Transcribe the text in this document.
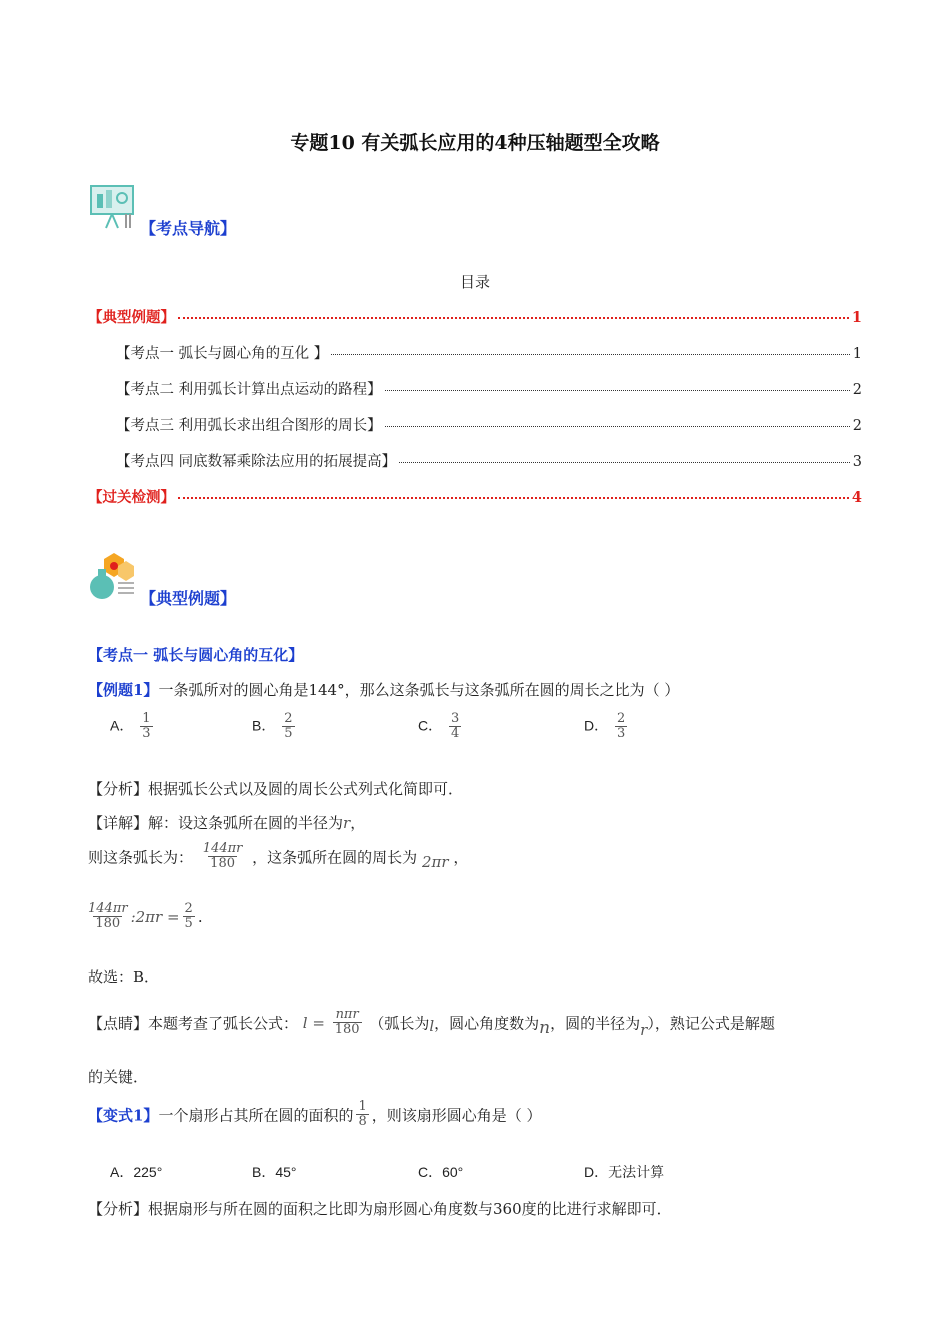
专题10 有关弧长应用的4种压轴题型全攻略
【考点导航】
目录
【典型例题】	1
【考点一 弧长与圆心角的互化 】	1
【考点二 利用弧长计算出点运动的路程】	2
【考点三 利用弧长求出组合图形的周长】	2
【考点四 同底数幂乘除法应用的拓展提高】	3
【过关检测】	4
【典型例题】
【考点一 弧长与圆心角的互化】
【例题1】一条弧所对的圆心角是144°，那么这条弧长与这条弧所在圆的周长之比为（ ）
A． $\frac{1}{3}$	B． $\frac{2}{5}$	C． $\frac{3}{4}$	D． $\frac{2}{3}$
【分析】根据弧长公式以及圆的周长公式列式化简即可．
【详解】解：设这条弧所在圆的半径为r，
则这条弧长为： $\frac{144\pi r}{180}$ ，这条弧所在圆的周长为 2πr ，
$\frac{144\pi r}{180}$ :2πr = $\frac{2}{5}$ .
故选：B．
【点睛】本题考查了弧长公式： $l = \frac{\text{nπr}}{180}$ （弧长为l，圆心角度数为n，圆的半径为r），熟记公式是解题
的关键．
【变式1】一个扇形占其所在圆的面积的 $\frac{1}{8}$ ，则该扇形圆心角是（ ）
A．225°	B．45°	C．60°	D．无法计算
【分析】根据扇形与所在圆的面积之比即为扇形圆心角度数与360度的比进行求解即可．
